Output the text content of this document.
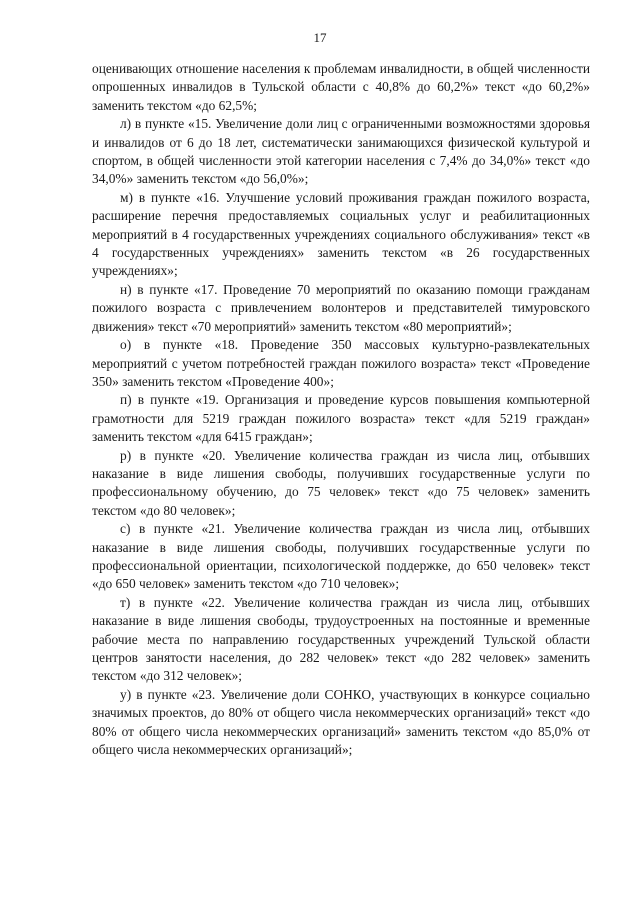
17

оценивающих отношение населения к проблемам инвалидности, в общей численности опрошенных инвалидов в Тульской области с 40,8% до 60,2%» текст «до 60,2%» заменить текстом «до 62,5%;

л) в пункте «15. Увеличение доли лиц с ограниченными возможностями здоровья и инвалидов от 6 до 18 лет, систематически занимающихся физической культурой и спортом, в общей численности этой категории населения с 7,4% до 34,0%» текст «до 34,0%» заменить текстом «до 56,0%»;

м) в пункте «16. Улучшение условий проживания граждан пожилого возраста, расширение перечня предоставляемых социальных услуг и реабилитационных мероприятий в 4 государственных учреждениях социального обслуживания» текст «в 4 государственных учреждениях» заменить текстом «в 26 государственных учреждениях»;

н) в пункте «17. Проведение 70 мероприятий по оказанию помощи гражданам пожилого возраста с привлечением волонтеров и представителей тимуровского движения» текст «70 мероприятий» заменить текстом «80 мероприятий»;

о) в пункте «18. Проведение 350 массовых культурно-развлекательных мероприятий с учетом потребностей граждан пожилого возраста» текст «Проведение 350» заменить текстом «Проведение 400»;

п) в пункте «19. Организация и проведение курсов повышения компьютерной грамотности для 5219 граждан пожилого возраста» текст «для 5219 граждан» заменить текстом «для 6415 граждан»;

р) в пункте «20. Увеличение количества граждан из числа лиц, отбывших наказание в виде лишения свободы, получивших государственные услуги по профессиональному обучению, до 75 человек» текст «до 75 человек» заменить текстом «до 80 человек»;

с) в пункте «21. Увеличение количества граждан из числа лиц, отбывших наказание в виде лишения свободы, получивших государственные услуги по профессиональной ориентации, психологической поддержке, до 650 человек» текст «до 650 человек» заменить текстом «до 710 человек»;

т) в пункте «22. Увеличение количества граждан из числа лиц, отбывших наказание в виде лишения свободы, трудоустроенных на постоянные и временные рабочие места по направлению государственных учреждений Тульской области центров занятости населения, до 282 человек» текст «до 282 человек» заменить текстом «до 312 человек»;

у) в пункте «23. Увеличение доли СОНКО, участвующих в конкурсе социально значимых проектов, до 80% от общего числа некоммерческих организаций» текст «до 80% от общего числа некоммерческих организаций» заменить текстом «до 85,0% от общего числа некоммерческих организаций»;
